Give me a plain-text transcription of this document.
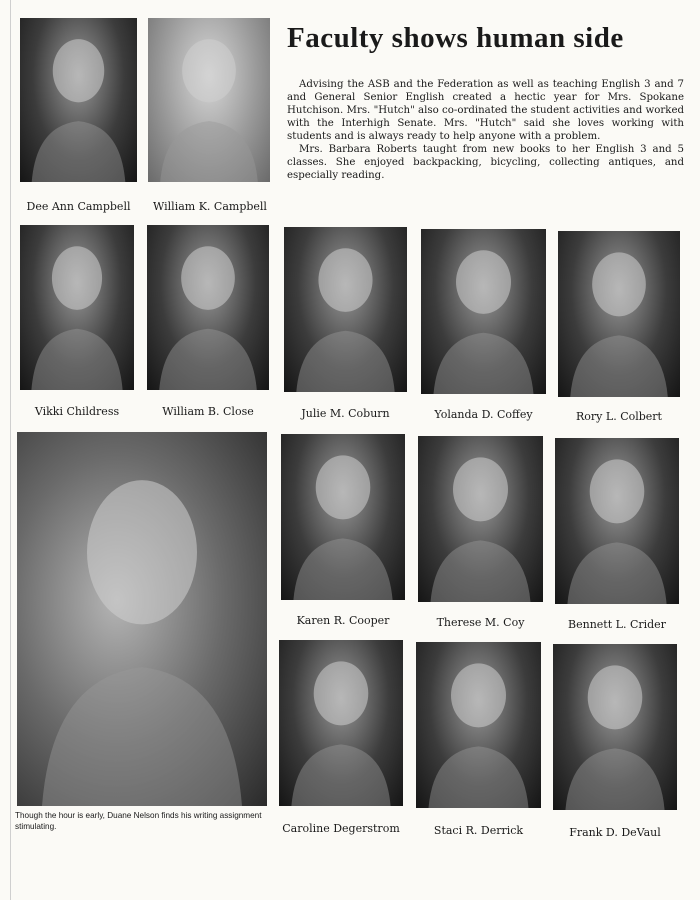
Faculty shows human side

Advising the ASB and the Federation as well as teaching English 3 and 7 and General Senior English created a hectic year for Mrs. Spokane Hutchison. Mrs. "Hutch" also co-ordinated the student activities and worked with the Interhigh Senate. Mrs. "Hutch" said she loves working with students and is always ready to help anyone with a problem.

Mrs. Barbara Roberts taught from new books to her English 3 and 5 classes. She enjoyed backpacking, bicycling, collecting antiques, and especially reading.

Dee Ann Campbell	William K. Campbell
Vikki Childress	William B. Close	Julie M. Coburn	Yolanda D. Coffey	Rory L. Colbert
Though the hour is early, Duane Nelson finds his writing assignment stimulating.
Karen R. Cooper	Therese M. Coy	Bennett L. Crider
Caroline Degerstrom	Staci R. Derrick	Frank D. DeVaul
